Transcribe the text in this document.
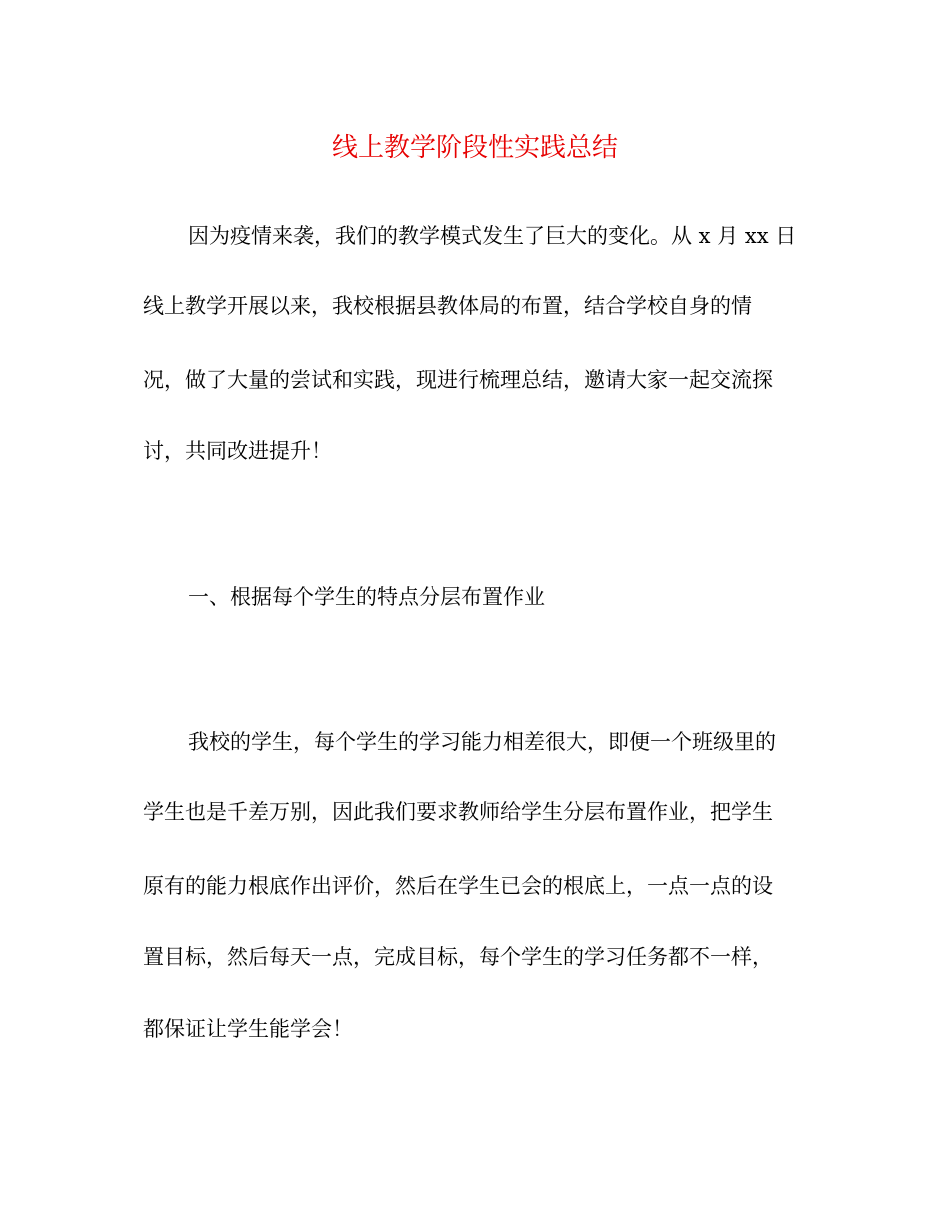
线上教学阶段性实践总结

因为疫情来袭，我们的教学模式发生了巨大的变化。从 x 月 xx 日

线上教学开展以来，我校根据县教体局的布置，结合学校自身的情

况，做了大量的尝试和实践，现进行梳理总结，邀请大家一起交流探

讨，共同改进提升！

一、根据每个学生的特点分层布置作业

我校的学生，每个学生的学习能力相差很大，即便一个班级里的

学生也是千差万别，因此我们要求教师给学生分层布置作业，把学生

原有的能力根底作出评价，然后在学生已会的根底上，一点一点的设

置目标，然后每天一点，完成目标，每个学生的学习任务都不一样，

都保证让学生能学会！
